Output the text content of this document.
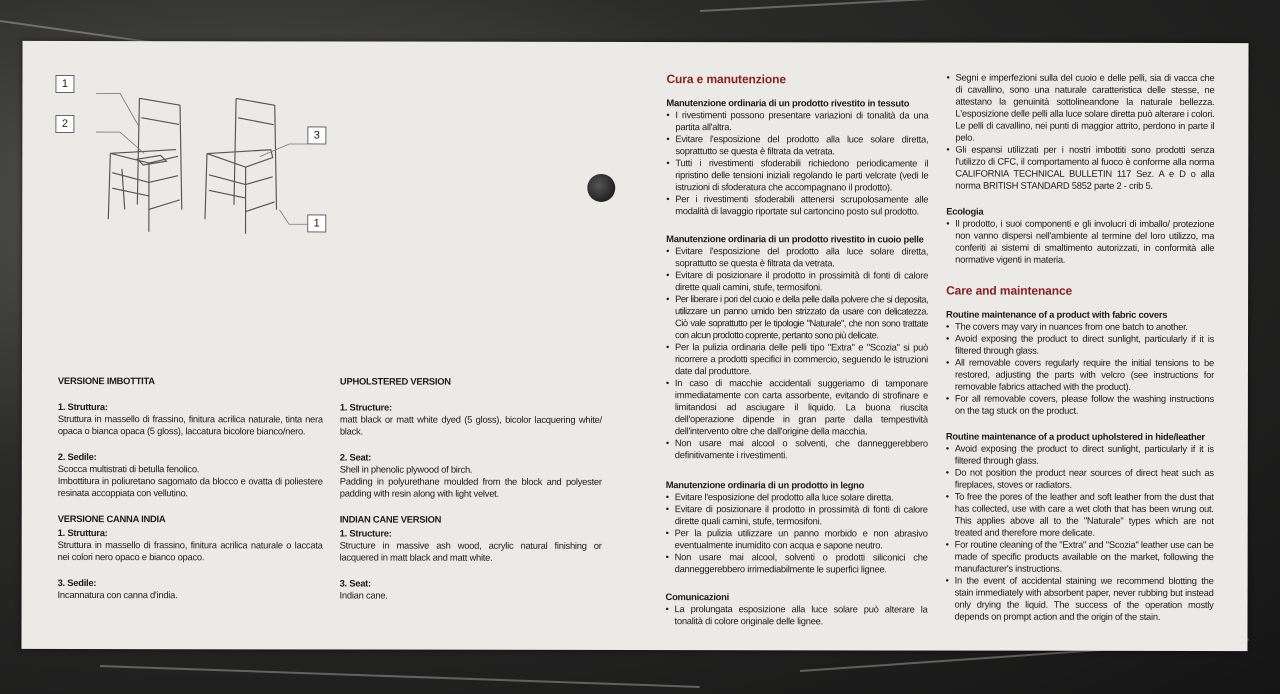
1
2
3
1
VERSIONE IMBOTTITA
1. Struttura:

Struttura in massello di frassino, finitura acrilica naturale, tinta nera opaca o bianca opaca (5 gloss), laccatura bicolore bianco/nero.

2. Sedile:

Scocca multistrati di betulla fenolico.

Imbottitura in poliuretano sagomato da blocco e ovatta di poliestere resinata accoppiata con vellutino.

VERSIONE CANNA INDIA
1. Struttura:

Struttura in massello di frassino, finitura acrilica naturale o laccata nei colori nero opaco e bianco opaco.

3. Sedile:

Incannatura con canna d'india.

UPHOLSTERED VERSION
1. Structure:

matt black or matt white dyed (5 gloss), bicolor lacquering white/ black.

2. Seat:

Shell in phenolic plywood of birch.

Padding in polyurethane moulded from the block and polyester padding with resin along with light velvet.

INDIAN CANE VERSION
1. Structure:

Structure in massive ash wood, acrylic natural finishing or lacquered in matt black and matt white.

3. Seat:

Indian cane.

Cura e manutenzione
Manutenzione ordinaria di un prodotto rivestito in tessuto
• I rivestimenti possono presentare variazioni di tonalità da una partita all'altra.
• Evitare l'esposizione del prodotto alla luce solare diretta, soprattutto se questa è filtrata da vetrata.
• Tutti i rivestimenti sfoderabili richiedono periodicamente il ripristino delle tensioni iniziali regolando le parti velcrate (vedi le istruzioni di sfoderatura che accompagnano il prodotto).
• Per i rivestimenti sfoderabili attenersi scrupolosamente alle modalità di lavaggio riportate sul cartoncino posto sul prodotto.
Manutenzione ordinaria di un prodotto rivestito in cuoio pelle
• Evitare l'esposizione del prodotto alla luce solare diretta, soprattutto se questa è filtrata da vetrata.
• Evitare di posizionare il prodotto in prossimità di fonti di calore dirette quali camini, stufe, termosifoni.
• Per liberare i pori del cuoio e della pelle dalla polvere che si deposita, utilizzare un panno umido ben strizzato da usare con delicatezza. Ciò vale soprattutto per le tipologie "Naturale", che non sono trattate con alcun prodotto coprente, pertanto sono più delicate.
• Per la pulizia ordinaria delle pelli tipo "Extra" e "Scozia" si può ricorrere a prodotti specifici in commercio, seguendo le istruzioni date dal produttore.
• In caso di macchie accidentali suggeriamo di tamponare immediatamente con carta assorbente, evitando di strofinare e limitandosi ad asciugare il liquido. La buona riuscita dell'operazione dipende in gran parte dalla tempestività dell'intervento oltre che dall'origine della macchia.
• Non usare mai alcool o solventi, che danneggerebbero definitivamente i rivestimenti.
Manutenzione ordinaria di un prodotto in legno
• Evitare l'esposizione del prodotto alla luce solare diretta.
• Evitare di posizionare il prodotto in prossimità di fonti di calore dirette quali camini, stufe, termosifoni.
• Per la pulizia utilizzare un panno morbido e non abrasivo eventualmente inumidito con acqua e sapone neutro.
• Non usare mai alcool, solventi o prodotti siliconici che danneggerebbero irrimediabilmente le superfici lignee.
Comunicazioni
• La prolungata esposizione alla luce solare può alterare la tonalità di colore originale delle lignee.
• Segni e imperfezioni sulla del cuoio e delle pelli, sia di vacca che di cavallino, sono una naturale caratteristica delle stesse, ne attestano la genuinità sottolineandone la naturale bellezza. L'esposizione delle pelli alla luce solare diretta può alterare i colori. Le pelli di cavallino, nei punti di maggior attrito, perdono in parte il pelo.
• Gli espansi utilizzati per i nostri imbottiti sono prodotti senza l'utilizzo di CFC, il comportamento al fuoco è conforme alla norma CALIFORNIA TECHNICAL BULLETIN 117 Sez. A e D o alla norma BRITISH STANDARD 5852 parte 2 - crib 5.
Ecologia
• Il prodotto, i suoi componenti e gli involucri di imballo/ protezione non vanno dispersi nell'ambiente al termine del loro utilizzo, ma conferiti ai sistemi di smaltimento autorizzati, in conformità alle normative vigenti in materia.
Care and maintenance
Routine maintenance of a product with fabric covers
• The covers may vary in nuances from one batch to another.
• Avoid exposing the product to direct sunlight, particularly if it is filtered through glass.
• All removable covers regularly require the initial tensions to be restored, adjusting the parts with velcro (see instructions for removable fabrics attached with the product).
• For all removable covers, please follow the washing instructions on the tag stuck on the product.
Routine maintenance of a product upholstered in hide/leather
• Avoid exposing the product to direct sunlight, particularly if it is filtered through glass.
• Do not position the product near sources of direct heat such as fireplaces, stoves or radiators.
• To free the pores of the leather and soft leather from the dust that has collected, use with care a wet cloth that has been wrung out. This applies above all to the "Naturale" types which are not treated and therefore more delicate.
• For routine cleaning of the "Extra" and "Scozia" leather use can be made of specific products available on the market, following the manufacturer's instructions.
• In the event of accidental staining we recommend blotting the stain immediately with absorbent paper, never rubbing but instead only drying the liquid. The success of the operation mostly depends on prompt action and the origin of the stain.
